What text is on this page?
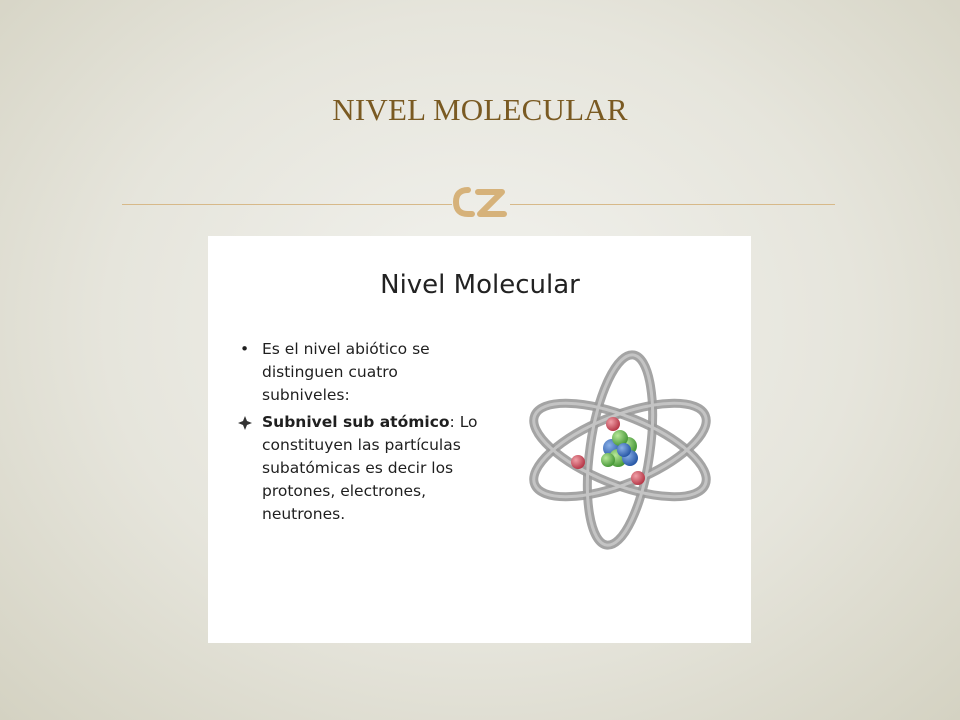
NIVEL MOLECULAR
Nivel Molecular
• Es el nivel abiótico se distinguen cuatro subniveles:
Subnivel sub atómico: Lo constituyen las partículas subatómicas es decir los protones, electrones, neutrones.
